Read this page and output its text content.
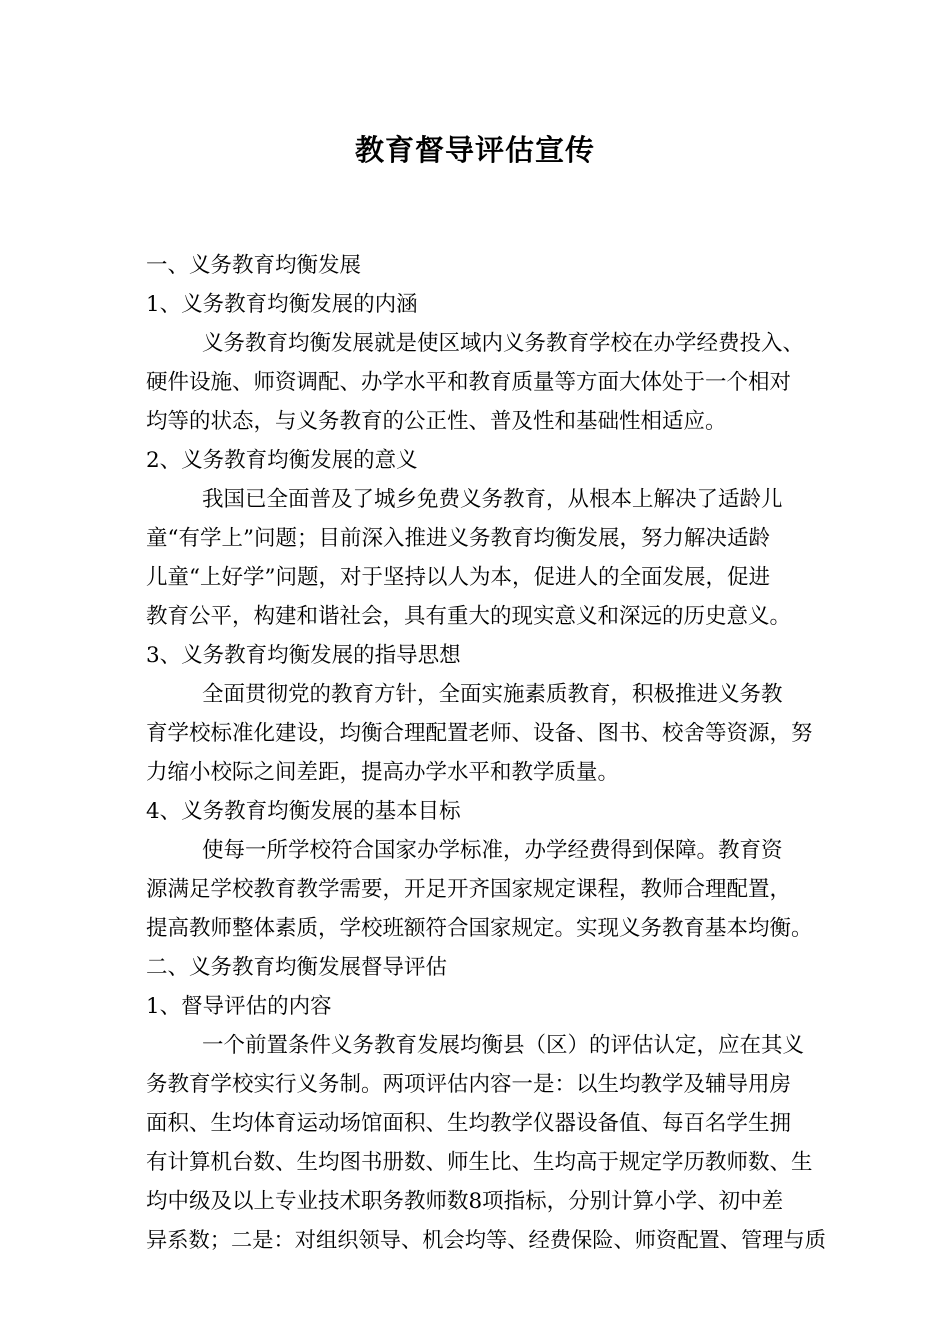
教育督导评估宣传

一、义务教育均衡发展

1、义务教育均衡发展的内涵

义务教育均衡发展就是使区域内义务教育学校在办学经费投入、

硬件设施、师资调配、办学水平和教育质量等方面大体处于一个相对

均等的状态，与义务教育的公正性、普及性和基础性相适应。

2、义务教育均衡发展的意义

我国已全面普及了城乡免费义务教育，从根本上解决了适龄儿

童“有学上”问题；目前深入推进义务教育均衡发展，努力解决适龄

儿童“上好学”问题，对于坚持以人为本，促进人的全面发展，促进

教育公平，构建和谐社会，具有重大的现实意义和深远的历史意义。

3、义务教育均衡发展的指导思想

全面贯彻党的教育方针，全面实施素质教育，积极推进义务教

育学校标准化建设，均衡合理配置老师、设备、图书、校舍等资源，努

力缩小校际之间差距，提高办学水平和教学质量。

4、义务教育均衡发展的基本目标

使每一所学校符合国家办学标准，办学经费得到保障。教育资

源满足学校教育教学需要，开足开齐国家规定课程，教师合理配置，

提高教师整体素质，学校班额符合国家规定。实现义务教育基本均衡。

二、义务教育均衡发展督导评估

1、督导评估的内容

一个前置条件义务教育发展均衡县（区）的评估认定，应在其义

务教育学校实行义务制。两项评估内容一是：以生均教学及辅导用房

面积、生均体育运动场馆面积、生均教学仪器设备值、每百名学生拥

有计算机台数、生均图书册数、师生比、生均高于规定学历教师数、生

均中级及以上专业技术职务教师数8项指标，分别计算小学、初中差

异系数；二是：对组织领导、机会均等、经费保险、师资配置、管理与质
